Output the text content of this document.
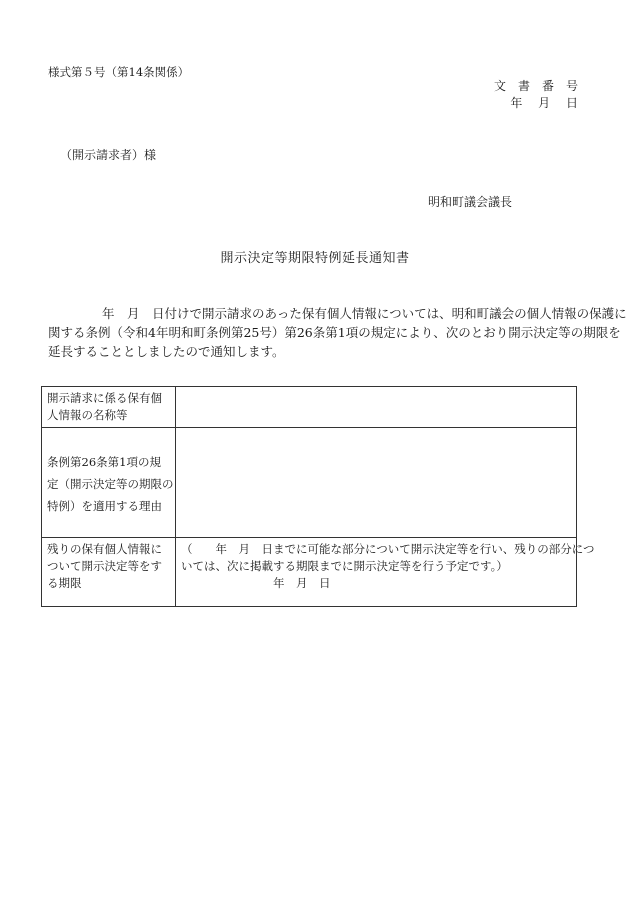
様式第５号（第14条関係）
文　書　番　号
年　 月　 日
（開示請求者）様
明和町議会議長
開示決定等期限特例延長通知書
　　　　 年　月　日付けで開示請求のあった保有個人情報については、明和町議会の個人情報の保護に
関する条例（令和4年明和町条例第25号）第26条第1項の規定により、次のとおり開示決定等の期限を
延長することとしましたので通知します。
開示請求に係る保有個
人情報の名称等	

条例第26条第1項の規
定（開示決定等の期限の
特例）を適用する理由	

残りの保有個人情報に
ついて開示決定等をす
る期限	（　　年　月　日までに可能な部分について開示決定等を行い、残りの部分につ
いては、次に掲載する期限までに開示決定等を行う予定です。）
　　　　　　　　年　月　日
